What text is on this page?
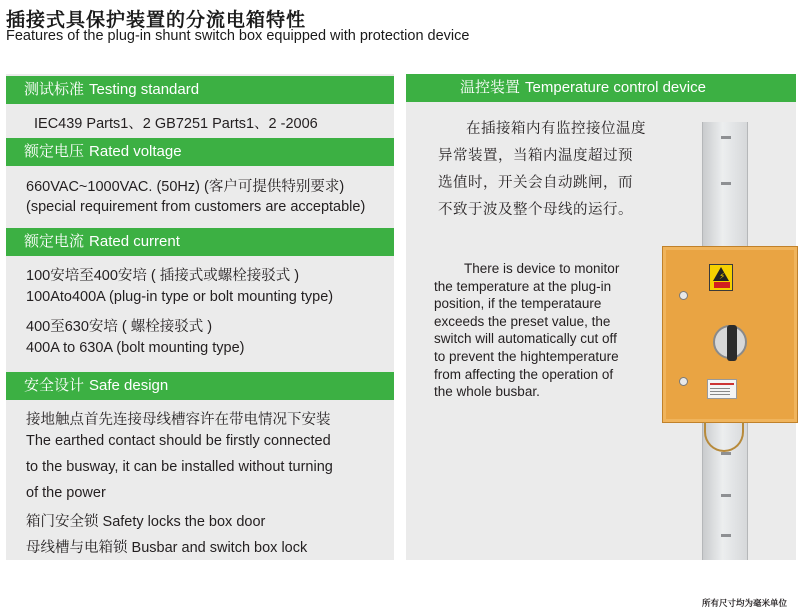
插接式具保护装置的分流电箱特性
Features of the plug-in shunt switch box equipped with protection device
测试标准 Testing standard
IEC439 Parts1、2 GB7251 Parts1、2 -2006
额定电压 Rated voltage
660VAC~1000VAC. (50Hz) (客户可提供特别要求)
(special requirement from customers are acceptable)
额定电流 Rated current
100安培至400安培 ( 插接式或螺栓接驳式 )
100Ato400A (plug-in type or bolt mounting type)
400至630安培 ( 螺栓接驳式 )
400A to 630A (bolt mounting type)
安全设计 Safe design
接地触点首先连接母线槽容许在带电情况下安装
The earthed contact should be firstly connected
to the busway, it can be installed without turning
of the power
箱门安全锁 Safety locks the box door
母线槽与电箱锁 Busbar and switch box lock
温控装置 Temperature control device
在插接箱内有监控接位温度异常装置，当箱内温度超过预选值时，开关会自动跳闸，而不致于波及整个母线的运行。
There is device to monitor
the temperature at the plug-in
position, if the temperataure
exceeds the preset value, the
switch will automatically cut off
to prevent the hightemperature
from affecting the operation of
the whole busbar.
⚡
所有尺寸均为毫米单位
